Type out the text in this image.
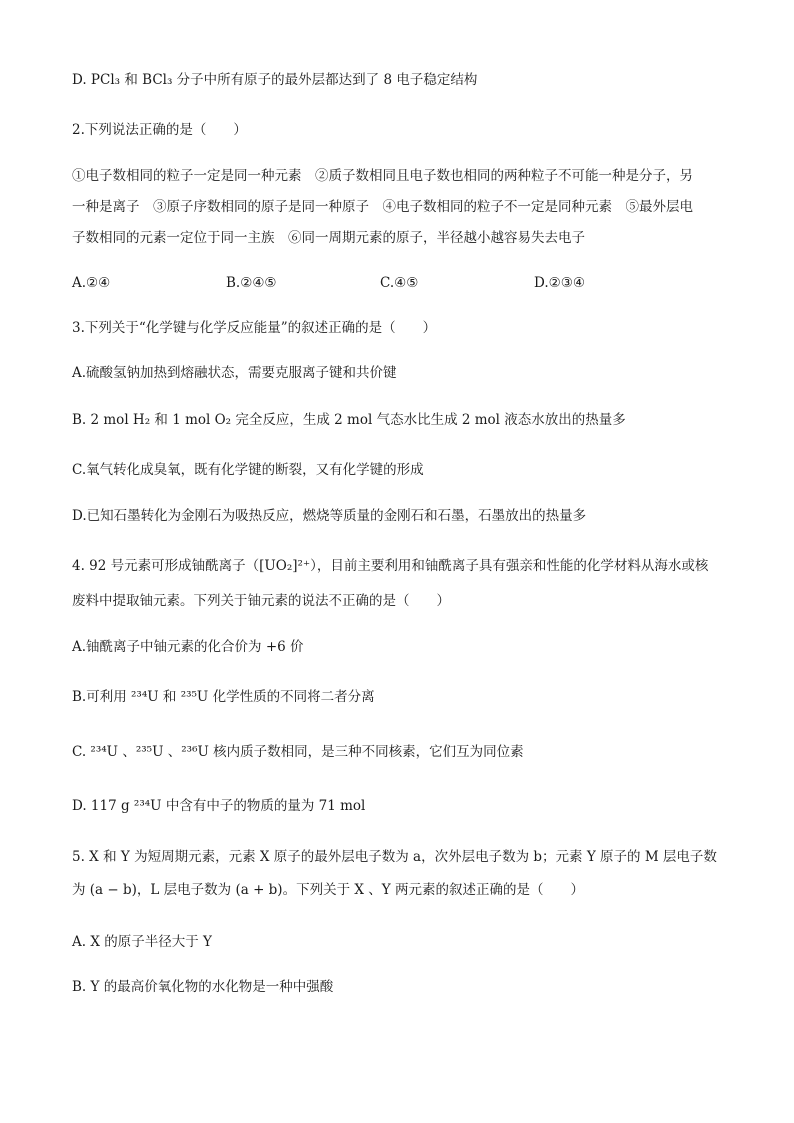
D. PCl₃ 和 BCl₃ 分子中所有原子的最外层都达到了 8 电子稳定结构
2.下列说法正确的是（　　）
①电子数相同的粒子一定是同一种元素　②质子数相同且电子数也相同的两种粒子不可能一种是分子，另
一种是离子　③原子序数相同的原子是同一种原子　④电子数相同的粒子不一定是同种元素　⑤最外层电
子数相同的元素一定位于同一主族　⑥同一周期元素的原子，半径越小越容易失去电子
A.②④	B.②④⑤	C.④⑤	D.②③④
3.下列关于“化学键与化学反应能量”的叙述正确的是（　　）
A.硫酸氢钠加热到熔融状态，需要克服离子键和共价键
B. 2 mol H₂ 和 1 mol O₂ 完全反应，生成 2 mol 气态水比生成 2 mol 液态水放出的热量多
C.氧气转化成臭氧，既有化学键的断裂，又有化学键的形成
D.已知石墨转化为金刚石为吸热反应，燃烧等质量的金刚石和石墨，石墨放出的热量多
4. 92 号元素可形成铀酰离子（[UO₂]²⁺），目前主要利用和铀酰离子具有强亲和性能的化学材料从海水或核
废料中提取铀元素。下列关于铀元素的说法不正确的是（　　）
A.铀酰离子中铀元素的化合价为 +6 价
B.可利用 ²³⁴U 和 ²³⁵U 化学性质的不同将二者分离
C. ²³⁴U 、²³⁵U 、²³⁶U 核内质子数相同，是三种不同核素，它们互为同位素
D. 117 g ²³⁴U 中含有中子的物质的量为 71 mol
5. X 和 Y 为短周期元素，元素 X 原子的最外层电子数为 a，次外层电子数为 b；元素 Y 原子的 M 层电子数
为 (a − b)，L 层电子数为 (a + b)。下列关于 X 、Y 两元素的叙述正确的是（　　）
A. X 的原子半径大于 Y
B. Y 的最高价氧化物的水化物是一种中强酸
